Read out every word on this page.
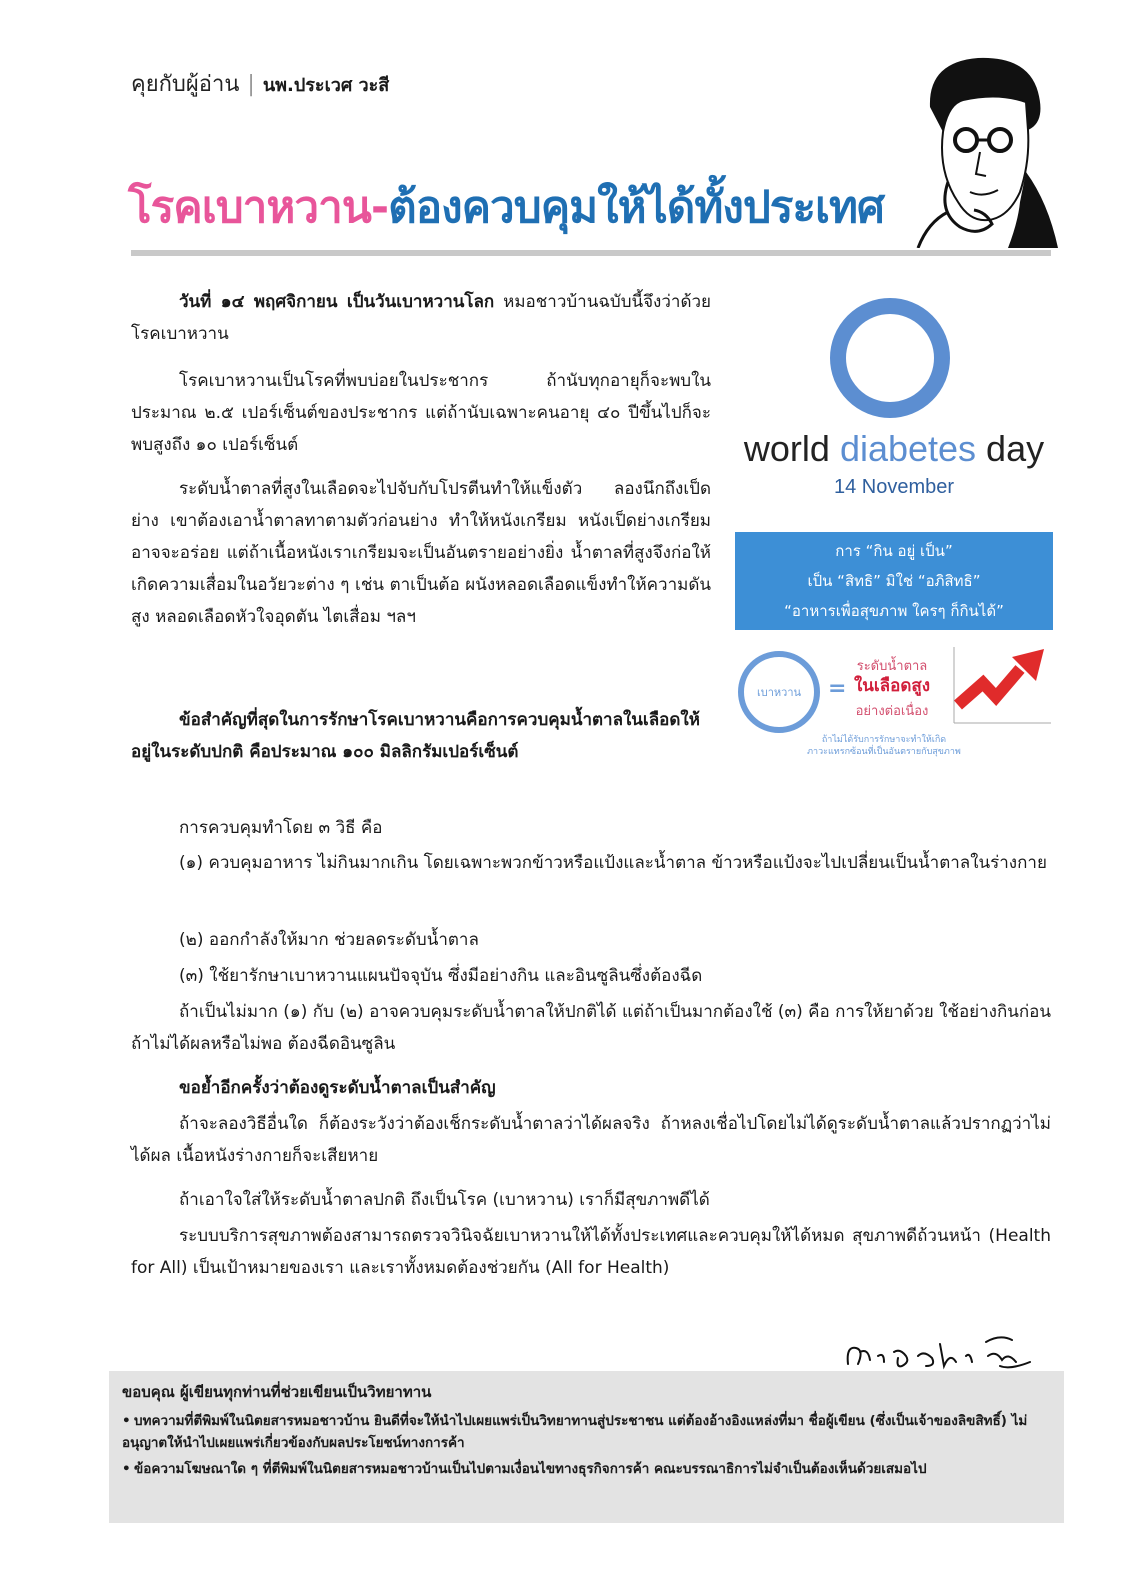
คุยกับผู้อ่าน | นพ.ประเวศ วะสี
โรคเบาหวาน-ต้องควบคุมให้ได้ทั้งประเทศ
วันที่ ๑๔ พฤศจิกายน เป็นวันเบาหวานโลก หมอชาวบ้านฉบับนี้จึงว่าด้วยโรคเบาหวาน
โรคเบาหวานเป็นโรคที่พบบ่อยในประชากร ถ้านับทุกอายุก็จะพบในประมาณ ๒.๕ เปอร์เซ็นต์ของประชากร แต่ถ้านับเฉพาะคนอายุ ๔๐ ปีขึ้นไปก็จะพบสูงถึง ๑๐ เปอร์เซ็นต์
ระดับน้ำตาลที่สูงในเลือดจะไปจับกับโปรตีนทำให้แข็งตัว ลองนึกถึงเป็ดย่าง เขาต้องเอาน้ำตาลทาตามตัวก่อนย่าง ทำให้หนังเกรียม หนังเป็ดย่างเกรียมอาจจะอร่อย แต่ถ้าเนื้อหนังเราเกรียมจะเป็นอันตรายอย่างยิ่ง น้ำตาลที่สูงจึงก่อให้เกิดความเสื่อมในอวัยวะต่าง ๆ เช่น ตาเป็นต้อ ผนังหลอดเลือดแข็งทำให้ความดันสูง หลอดเลือดหัวใจอุดตัน ไตเสื่อม ฯลฯ
ข้อสำคัญที่สุดในการรักษาโรคเบาหวานคือการควบคุมน้ำตาลในเลือดให้อยู่ในระดับปกติ คือประมาณ ๑๐๐ มิลลิกรัมเปอร์เซ็นต์
การควบคุมทำโดย ๓ วิธี คือ
(๑) ควบคุมอาหาร ไม่กินมากเกิน โดยเฉพาะพวกข้าวหรือแป้งและน้ำตาล ข้าวหรือแป้งจะไปเปลี่ยนเป็นน้ำตาลในร่างกาย
(๒) ออกกำลังให้มาก ช่วยลดระดับน้ำตาล
(๓) ใช้ยารักษาเบาหวานแผนปัจจุบัน ซึ่งมีอย่างกิน และอินซูลินซึ่งต้องฉีด
ถ้าเป็นไม่มาก (๑) กับ (๒) อาจควบคุมระดับน้ำตาลให้ปกติได้ แต่ถ้าเป็นมากต้องใช้ (๓) คือ การให้ยาด้วย ใช้อย่างกินก่อน ถ้าไม่ได้ผลหรือไม่พอ ต้องฉีดอินซูลิน
ขอย้ำอีกครั้งว่าต้องดูระดับน้ำตาลเป็นสำคัญ
ถ้าจะลองวิธีอื่นใด ก็ต้องระวังว่าต้องเช็กระดับน้ำตาลว่าได้ผลจริง ถ้าหลงเชื่อไปโดยไม่ได้ดูระดับน้ำตาลแล้วปรากฏว่าไม่ได้ผล เนื้อหนังร่างกายก็จะเสียหาย
ถ้าเอาใจใส่ให้ระดับน้ำตาลปกติ ถึงเป็นโรค (เบาหวาน) เราก็มีสุขภาพดีได้
ระบบบริการสุขภาพต้องสามารถตรวจวินิจฉัยเบาหวานให้ได้ทั้งประเทศและควบคุมให้ได้หมด สุขภาพดีถ้วนหน้า (Health for All) เป็นเป้าหมายของเรา และเราทั้งหมดต้องช่วยกัน (All for Health)
world diabetes day
14 November
การ “กิน อยู่ เป็น”
เป็น “สิทธิ” มิใช่ “อภิสิทธิ”
“อาหารเพื่อสุขภาพ ใครๆ ก็กินได้”
เบาหวาน =
ระดับน้ำตาล
ในเลือดสูง
อย่างต่อเนื่อง
ถ้าไม่ได้รับการรักษาจะทำให้เกิด
ภาวะแทรกซ้อนที่เป็นอันตรายกับสุขภาพ
ขอบคุณ ผู้เขียนทุกท่านที่ช่วยเขียนเป็นวิทยาทาน
• บทความที่ตีพิมพ์ในนิตยสารหมอชาวบ้าน ยินดีที่จะให้นำไปเผยแพร่เป็นวิทยาทานสู่ประชาชน แต่ต้องอ้างอิงแหล่งที่มา ชื่อผู้เขียน (ซึ่งเป็นเจ้าของลิขสิทธิ์) ไม่อนุญาตให้นำไปเผยแพร่เกี่ยวข้องกับผลประโยชน์ทางการค้า
• ข้อความโฆษณาใด ๆ ที่ตีพิมพ์ในนิตยสารหมอชาวบ้านเป็นไปตามเงื่อนไขทางธุรกิจการค้า คณะบรรณาธิการไม่จำเป็นต้องเห็นด้วยเสมอไป
